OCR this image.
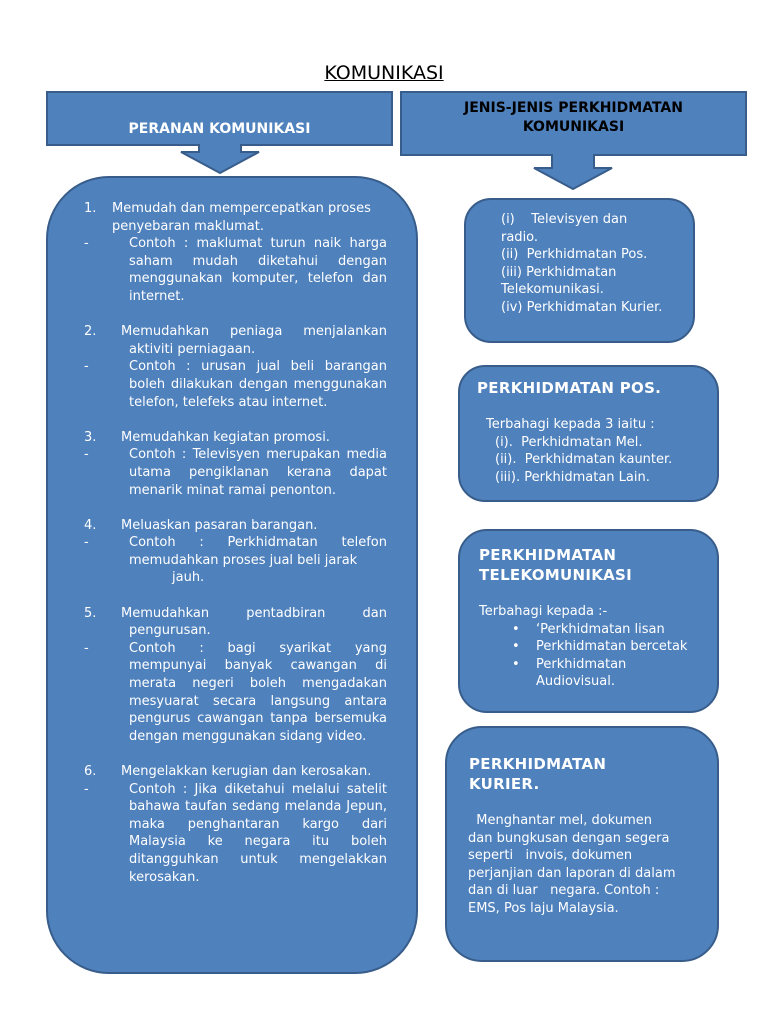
KOMUNIKASI
PERANAN KOMUNIKASI
JENIS-JENIS PERKHIDMATAN
KOMUNIKASI
1.	Memudah dan mempercepatkan proses
penyebaran maklumat.
-	Contoh : maklumat turun naik harga saham mudah diketahui dengan menggunakan komputer, telefon dan internet.
2.	Memudahkan peniaga menjalankan
aktiviti perniagaan.
-	Contoh : urusan jual beli barangan boleh dilakukan dengan menggunakan telefon, telefeks atau internet.
3.	Memudahkan kegiatan promosi.
-	Contoh : Televisyen merupakan media utama pengiklanan kerana dapat menarik minat ramai penonton.
4.	Meluaskan pasaran barangan.
-	Contoh : Perkhidmatan telefon memudahkan proses jual beli jarak
jauh.
5.	Memudahkan pentadbiran dan
pengurusan.
-	Contoh : bagi syarikat yang mempunyai banyak cawangan di merata negeri boleh mengadakan mesyuarat secara langsung antara pengurus cawangan tanpa bersemuka dengan menggunakan sidang video.
6.	Mengelakkan kerugian dan kerosakan.
-	Contoh : Jika diketahui melalui satelit bahawa taufan sedang melanda Jepun, maka penghantaran kargo dari Malaysia ke negara itu boleh ditangguhkan untuk mengelakkan kerosakan.
(i)    Televisyen dan
radio.
(ii)  Perkhidmatan Pos.
(iii) Perkhidmatan
Telekomunikasi.
(iv) Perkhidmatan Kurier.
PERKHIDMATAN POS.
Terbahagi kepada 3 iaitu :
(i).  Perkhidmatan Mel.
(ii).  Perkhidmatan kaunter.
(iii). Perkhidmatan Lain.
PERKHIDMATAN
TELEKOMUNIKASI
Terbahagi kepada :-
• ‘Perkhidmatan lisan
• Perkhidmatan bercetak
• Perkhidmatan
Audiovisual.
PERKHIDMATAN
KURIER.
Menghantar mel, dokumen
dan bungkusan dengan segera
seperti   invois, dokumen
perjanjian dan laporan di dalam
dan di luar   negara. Contoh :
EMS, Pos laju Malaysia.
